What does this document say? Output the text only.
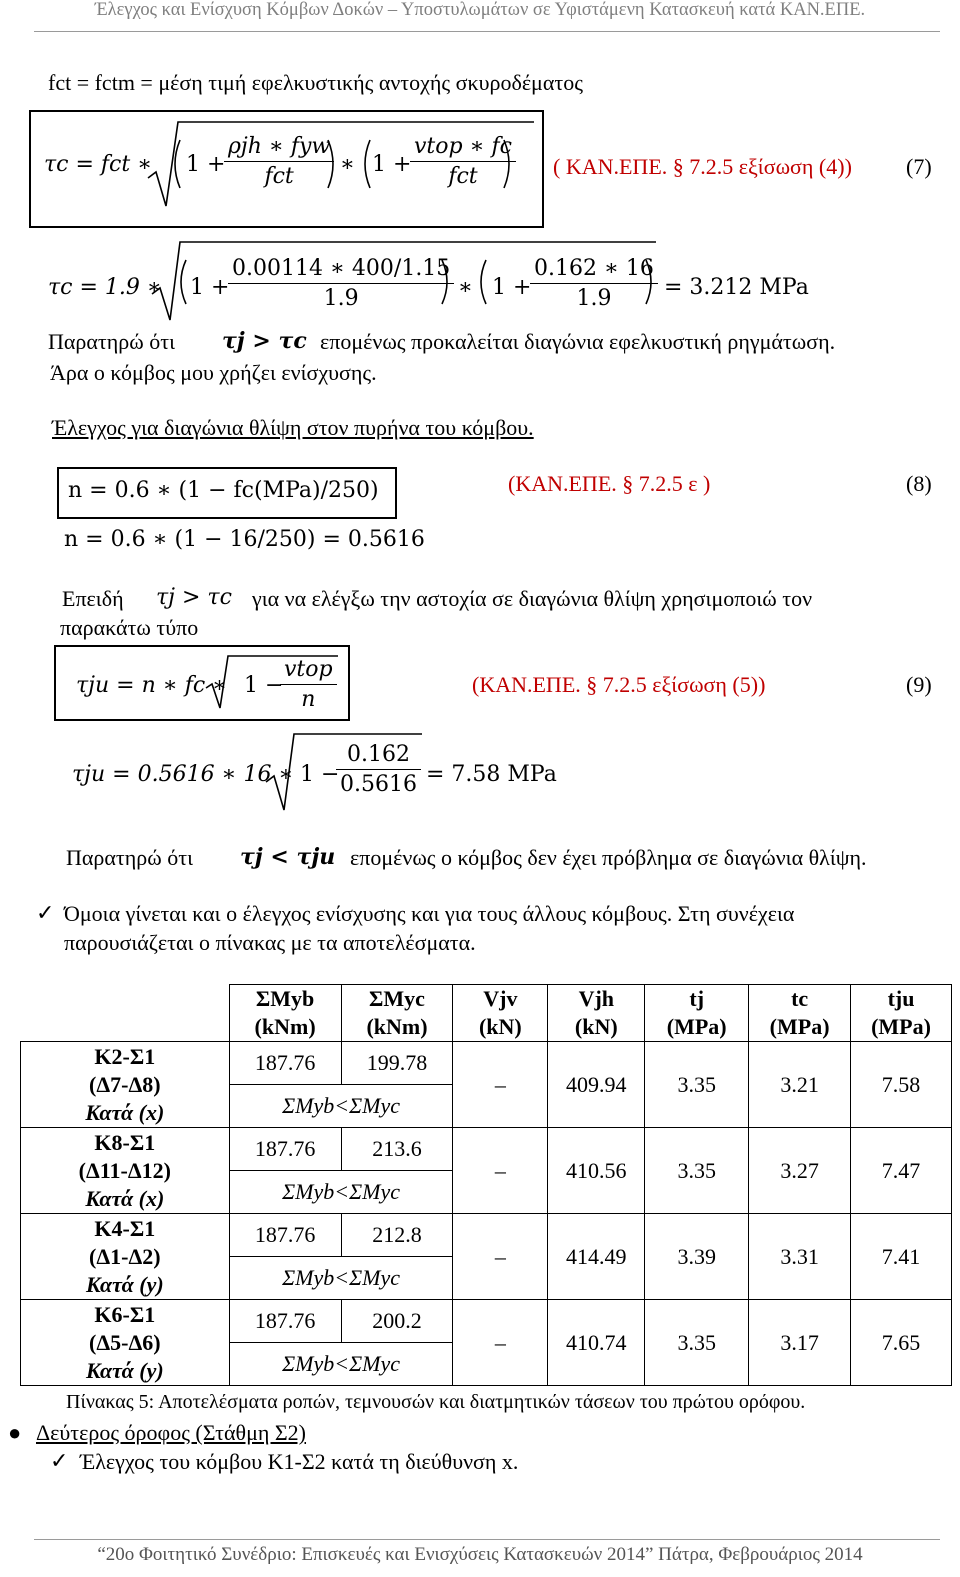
Έλεγχος και Ενίσχυση Κόμβων Δοκών – Υποστυλωμάτων σε Υφιστάμενη Κατασκευή κατά ΚΑΝ.ΕΠΕ.
fct = fctm = μέση τιμή εφελκυστικής αντοχής σκυροδέματος
τc = fct ∗ 1 +
$\frac{\text{ρjh ∗ fyw}}{\text{fct}}$ ∗ 1 +
$\frac{\text{vtop ∗ fc}}{\text{fct}}$ ( ΚΑΝ.ΕΠΕ. § 7.2.5 εξίσωση (4)) (7)
τc = 1.9 ∗ 1 +
$\frac{0.00114 ∗ 400/1.15}{1.9}$ ∗ 1 +
$\frac{0.162 ∗ 16}{1.9} = 3.212$ MPa
Παρατηρώ ότι τj > τc επομένως προκαλείται διαγώνια εφελκυστική ρηγμάτωση.
Άρα ο κόμβος μου χρήζει ενίσχυσης.
Έλεγχος για διαγώνια θλίψη στον πυρήνα του κόμβου.
n = 0.6 ∗ (1 − fc(MPa)/250)	(ΚΑΝ.ΕΠΕ. § 7.2.5 ε )	(8)
n = 0.6 ∗ (1 − 16/250) = 0.5616
Επειδή τj > τc για να ελέγξω την αστοχία σε διαγώνια θλίψη χρησιμοποιώ τον
παρακάτω τύπο
τju = n ∗ fc ∗ 1 −
$\frac{\text{vtop}}{n}$	(ΚΑΝ.ΕΠΕ. § 7.2.5 εξίσωση (5))	(9)
τju = 0.5616 ∗ 16 ∗ 1 −
$\frac{0.162}{0.5616} = 7.58$ MPa
Παρατηρώ ότι τj < τju επομένως ο κόμβος δεν έχει πρόβλημα σε διαγώνια θλίψη.
✓ Όμοια γίνεται και ο έλεγχος ενίσχυσης και για τους άλλους κόμβους. Στη συνέχεια
παρουσιάζεται ο πίνακας με τα αποτελέσματα.
	ΣMyb
(kNm)	ΣMyc
(kNm)	Vjv
(kN)	Vjh
(kN)	tj
(MPa)	tc
(MPa)	tju
(MPa)
Κ2-Σ1
(Δ7-Δ8)
Κατά (x)	187.76	199.78	–	409.94	3.35	3.21	7.58
	ΣMyb<ΣMyc						
Κ8-Σ1
(Δ11-Δ12)
Κατά (x)	187.76	213.6	–	410.56	3.35	3.27	7.47
	ΣMyb<ΣMyc						
Κ4-Σ1
(Δ1-Δ2)
Κατά (y)	187.76	212.8	–	414.49	3.39	3.31	7.41
	ΣMyb<ΣMyc						
Κ6-Σ1
(Δ5-Δ6)
Κατά (y)	187.76	200.2	–	410.74	3.35	3.17	7.65
	ΣMyb<ΣMyc						
Πίνακας 5: Αποτελέσματα ροπών, τεμνουσών και διατμητικών τάσεων του πρώτου ορόφου.
● Δεύτερος όροφος (Στάθμη Σ2)
✓ Έλεγχος του κόμβου Κ1-Σ2 κατά τη διεύθυνση x.
“20ο Φοιτητικό Συνέδριο: Επισκευές και Ενισχύσεις Κατασκευών 2014” Πάτρα, Φεβρουάριος 2014
